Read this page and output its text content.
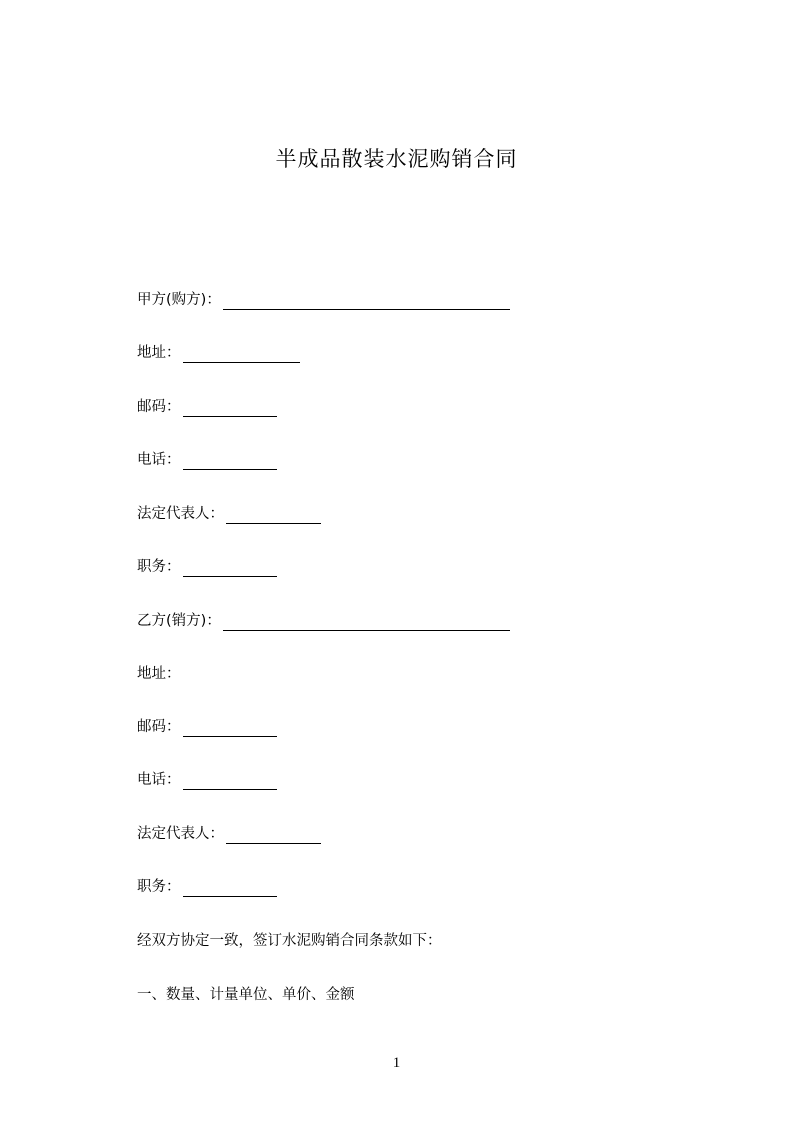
半成品散装水泥购销合同
甲方(购方)：
地址：
邮码：
电话：
法定代表人：
职务：
乙方(销方)：
地址：
邮码：
电话：
法定代表人：
职务：
经双方协定一致，签订水泥购销合同条款如下：
一、数量、计量单位、单价、金额
1
